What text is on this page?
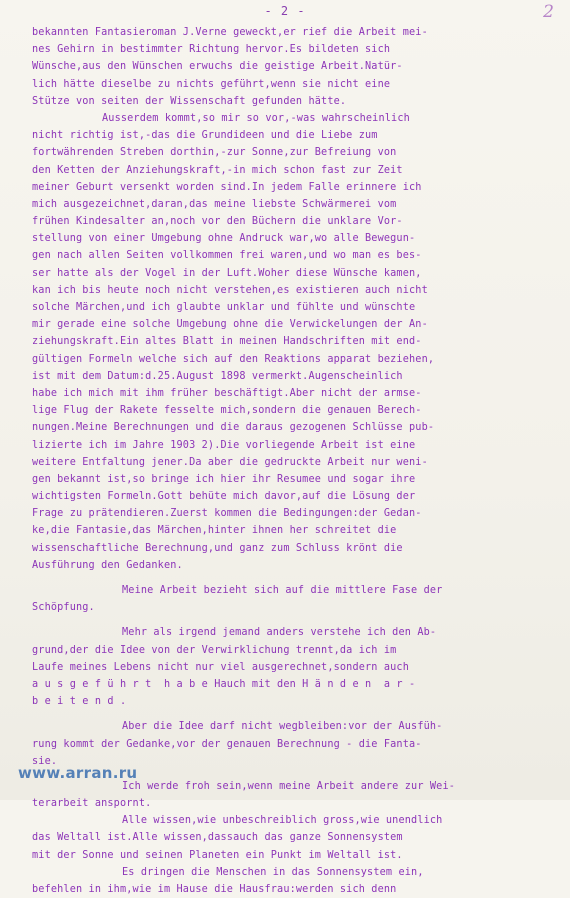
- 2 -	2
bekannten Fantasieroman J.Verne geweckt,er rief die Arbeit mei-
nes Gehirn in bestimmter Richtung hervor.Es bildeten sich
Wünsche,aus den Wünschen erwuchs die geistige Arbeit.Natür-
lich hätte dieselbe zu nichts geführt,wenn sie nicht eine
Stütze von seiten der Wissenschaft gefunden hätte.
Ausserdem kommt,so mir so vor,-was wahrscheinlich
nicht richtig ist,-das die Grundideen und die Liebe zum
fortwährenden Streben dorthin,-zur Sonne,zur Befreiung von
den Ketten der Anziehungskraft,-in mich schon fast zur Zeit
meiner Geburt versenkt worden sind.In jedem Falle erinnere ich
mich ausgezeichnet,daran,das meine liebste Schwärmerei vom
frühen Kindesalter an,noch vor den Büchern die unklare Vor-
stellung von einer Umgebung ohne Andruck war,wo alle Bewegun-
gen nach allen Seiten vollkommen frei waren,und wo man es bes-
ser hatte als der Vogel in der Luft.Woher diese Wünsche kamen,
kan ich bis heute noch nicht verstehen,es existieren auch nicht
solche Märchen,und ich glaubte unklar und fühlte und wünschte
mir gerade eine solche Umgebung ohne die Verwickelungen der An-
ziehungskraft.Ein altes Blatt in meinen Handschriften mit end-
gültigen Formeln welche sich auf den Reaktions apparat beziehen,
ist mit dem Datum:d.25.August 1898 vermerkt.Augenscheinlich
habe ich mich mit ihm früher beschäftigt.Aber nicht der armse-
lige Flug der Rakete fesselte mich,sondern die genauen Berech-
nungen.Meine Berechnungen und die daraus gezogenen Schlüsse pub-
lizierte ich im Jahre 1903 2).Die vorliegende Arbeit ist eine
weitere Entfaltung jener.Da aber die gedruckte Arbeit nur weni-
gen bekannt ist,so bringe ich hier ihr Resumee und sogar ihre
wichtigsten Formeln.Gott behüte mich davor,auf die Lösung der
Frage zu prätendieren.Zuerst kommen die Bedingungen:der Gedan-
ke,die Fantasie,das Märchen,hinter ihnen her schreitet die
wissenschaftliche Berechnung,und ganz zum Schluss krönt die
Ausführung den Gedanken.
Meine Arbeit bezieht sich auf die mittlere Fase der
Schöpfung.
Mehr als irgend jemand anders verstehe ich den Ab-
grund,der die Idee von der Verwirklichung trennt,da ich im
Laufe meines Lebens nicht nur viel ausgerechnet,sondern auch
a u s g e f ü h r t  h a b e Hauch mit den H ä n d e n  a r -
b e i t e n d .
Aber die Idee darf nicht wegbleiben:vor der Ausfüh-
rung kommt der Gedanke,vor der genauen Berechnung - die Fanta-
sie.
Ich werde froh sein,wenn meine Arbeit andere zur Wei-
terarbeit anspornt.
Alle wissen,wie unbeschreiblich gross,wie unendlich
das Weltall ist.Alle wissen,dassauch das ganze Sonnensystem
mit der Sonne und seinen Planeten ein Punkt im Weltall ist.
Es dringen die Menschen in das Sonnensystem ein,
befehlen in ihm,wie im Hause die Hausfrau:werden sich denn
www.arran.ru
